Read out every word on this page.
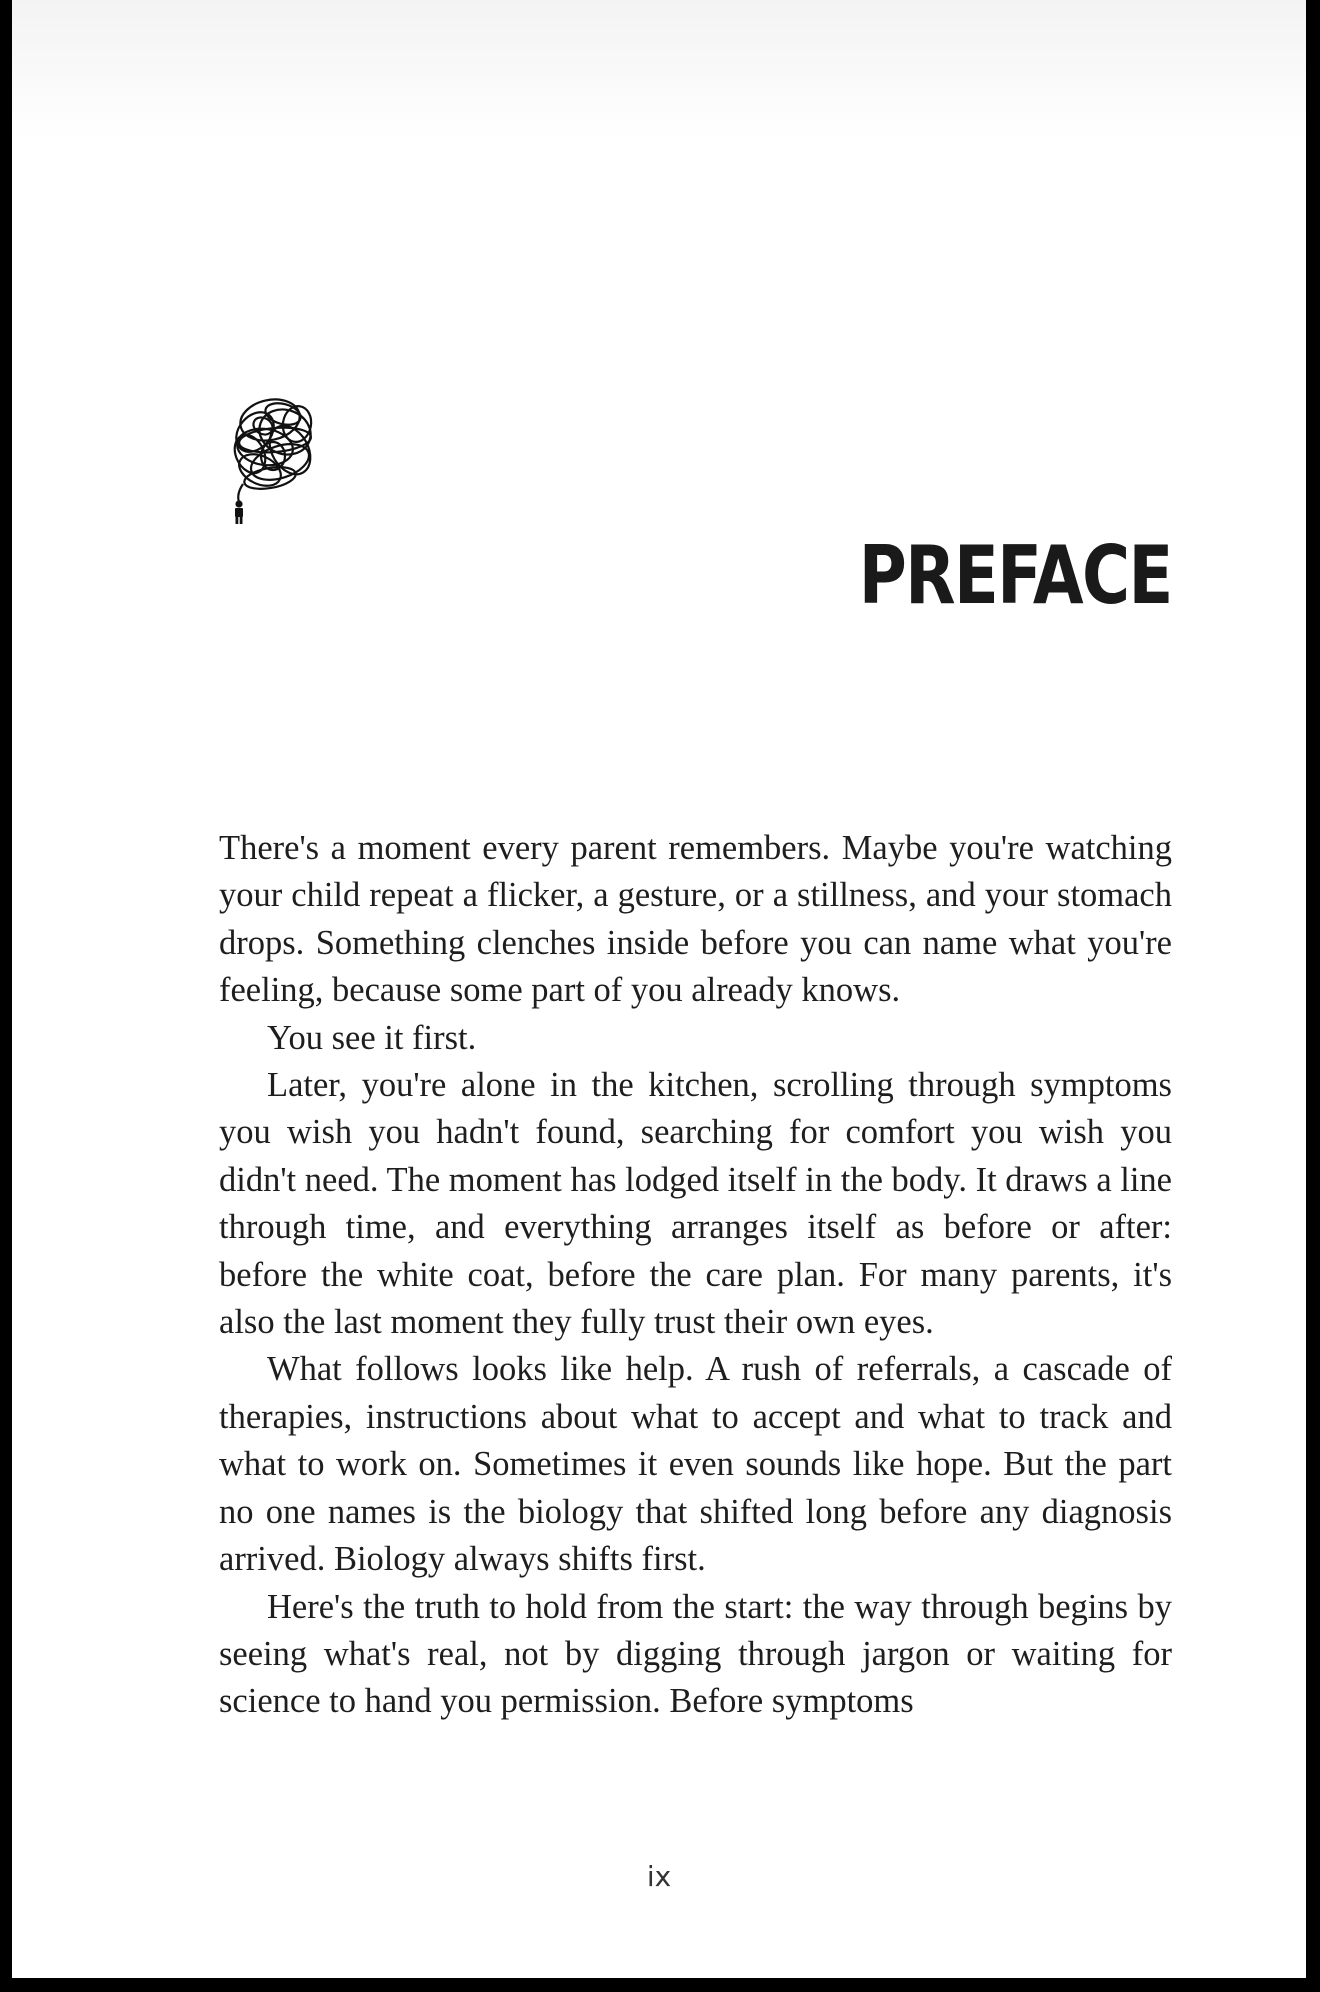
PREFACE

There's a moment every parent remembers. Maybe you're watching your child repeat a flicker, a gesture, or a stillness, and your stomach drops. Something clenches inside before you can name what you're feeling, because some part of you already knows.

You see it first.

Later, you're alone in the kitchen, scrolling through symptoms you wish you hadn't found, searching for comfort you wish you didn't need. The moment has lodged itself in the body. It draws a line through time, and everything arranges itself as before or after: before the white coat, before the care plan. For many parents, it's also the last moment they fully trust their own eyes.

What follows looks like help. A rush of referrals, a cascade of therapies, instructions about what to accept and what to track and what to work on. Sometimes it even sounds like hope. But the part no one names is the biology that shifted long before any diagnosis arrived. Biology always shifts first.

Here's the truth to hold from the start: the way through begins by seeing what's real, not by digging through jargon or waiting for science to hand you permission. Before symptoms

ix
